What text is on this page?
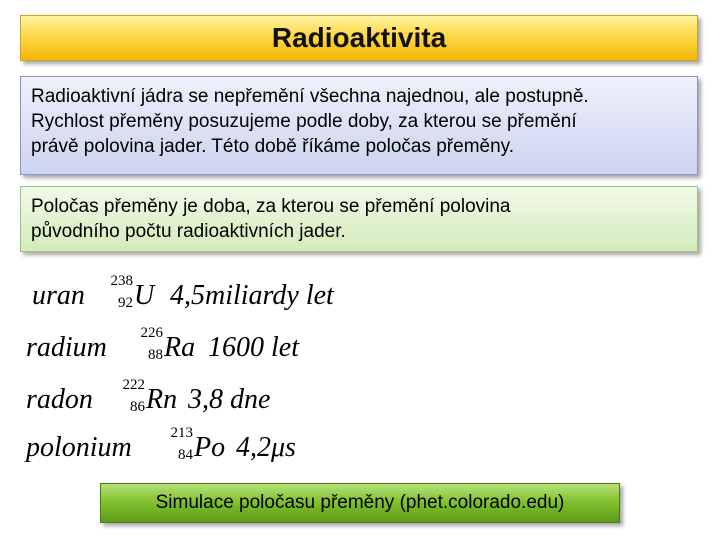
Radioaktivita
Radioaktivní jádra se nepřemění všechna najednou, ale postupně.
Rychlost přeměny posuzujeme podle doby, za kterou se přemění
právě polovina jader. Této době říkáme poločas přeměny.
Poločas přeměny je doba, za kterou se přemění polovina
původního počtu radioaktivních jader.
uran 238
92 U 4,5miliardy let
radium 226
88 Ra 1600 let
radon 222
86 Rn 3,8 dne
polonium	213
84 Po 4,2μs
Simulace poločasu přeměny (phet.colorado.edu)
